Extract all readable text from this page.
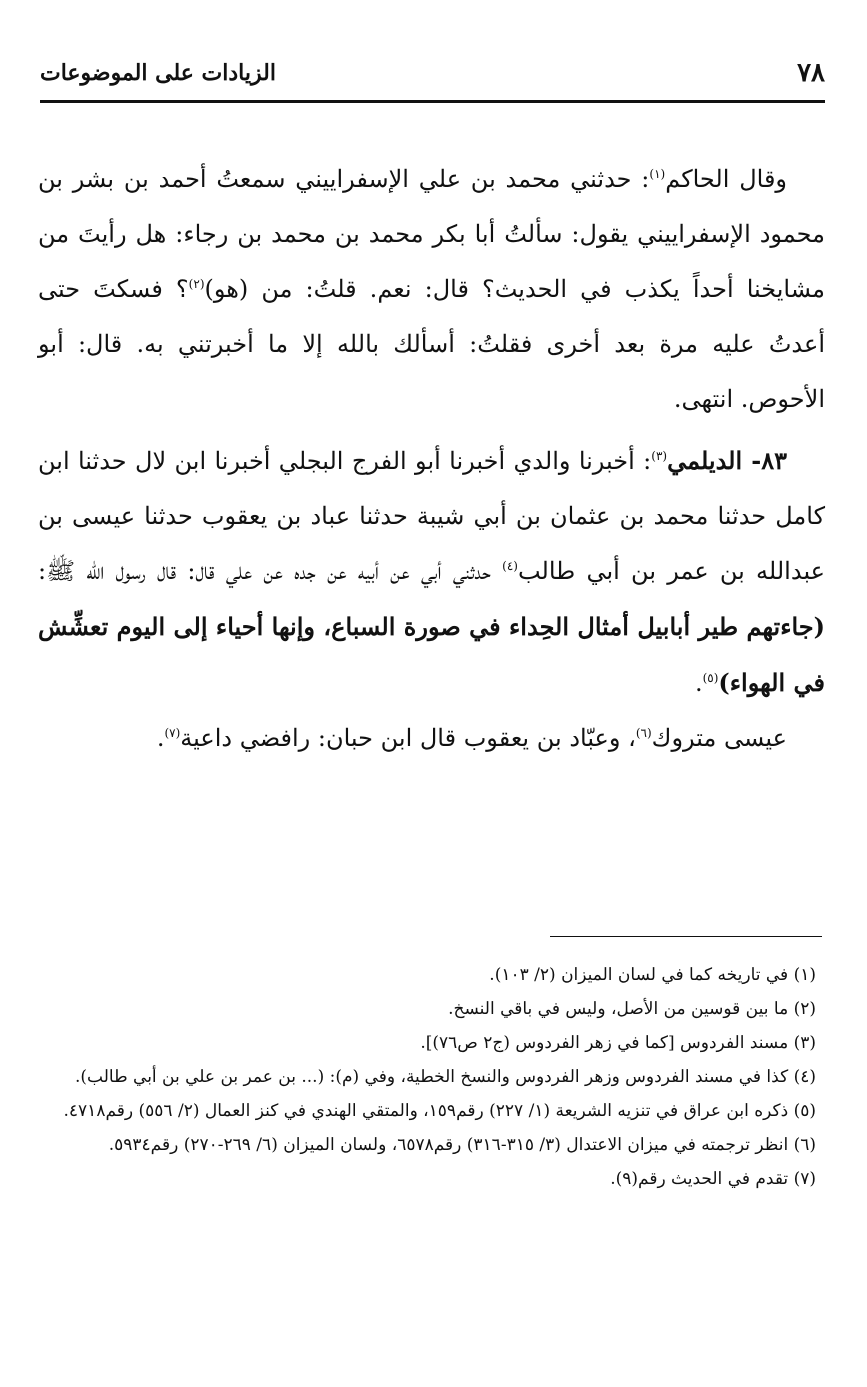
٧٨
الزيادات على الموضوعات

وقال الحاكم$^{(١)}$: حدثني محمد بن علي الإسفراييني سمعتُ أحمد بن بشر بن محمود الإسفراييني يقول: سألتُ أبا بكر محمد بن محمد بن رجاء: هل رأيتَ من مشايخنا أحداً يكذب في الحديث؟ قال: نعم. قلتُ: من (هو)$^{(٢)}$؟ فسكتَ حتى أعدتُ عليه مرة بعد أخرى فقلتُ: أسألك بالله إلا ما أخبرتني به. قال: أبو الأحوص. انتهى.

٨٣- الديلمي$^{(٣)}$: أخبرنا والدي أخبرنا أبو الفرج البجلي أخبرنا ابن لال حدثنا ابن كامل حدثنا محمد بن عثمان بن أبي شيبة حدثنا عباد بن يعقوب حدثنا عيسى بن عبدالله بن عمر بن أبي طالب$^{(٤)}$ حدثني أبي عن أبيه عن جده عن علي قال: قال رسول الله ﷺ: (جاءتهم طير أبابيل أمثال الحِداء في صورة السباع، وإنها أحياء إلى اليوم تعشِّش في الهواء)$^{(٥)}$.

عيسى متروك$^{(٦)}$، وعبّاد بن يعقوب قال ابن حبان: رافضي داعية$^{(٧)}$.

(١) في تاريخه كما في لسان الميزان (٢/ ١٠٣).

(٢) ما بين قوسين من الأصل، وليس في باقي النسخ.

(٣) مسند الفردوس [كما في زهر الفردوس (ج٢ ص٧٦)].

(٤) كذا في مسند الفردوس وزهر الفردوس والنسخ الخطية، وفي (م): (... بن عمر بن علي بن أبي طالب).

(٥) ذكره ابن عراق في تنزيه الشريعة (١/ ٢٢٧) رقم١٥٩، والمتقي الهندي في كنز العمال (٢/ ٥٥٦) رقم٤٧١٨.

(٦) انظر ترجمته في ميزان الاعتدال (٣/ ٣١٥-٣١٦) رقم٦٥٧٨، ولسان الميزان (٦/ ٢٦٩-٢٧٠) رقم٥٩٣٤.

(٧) تقدم في الحديث رقم(٩).
